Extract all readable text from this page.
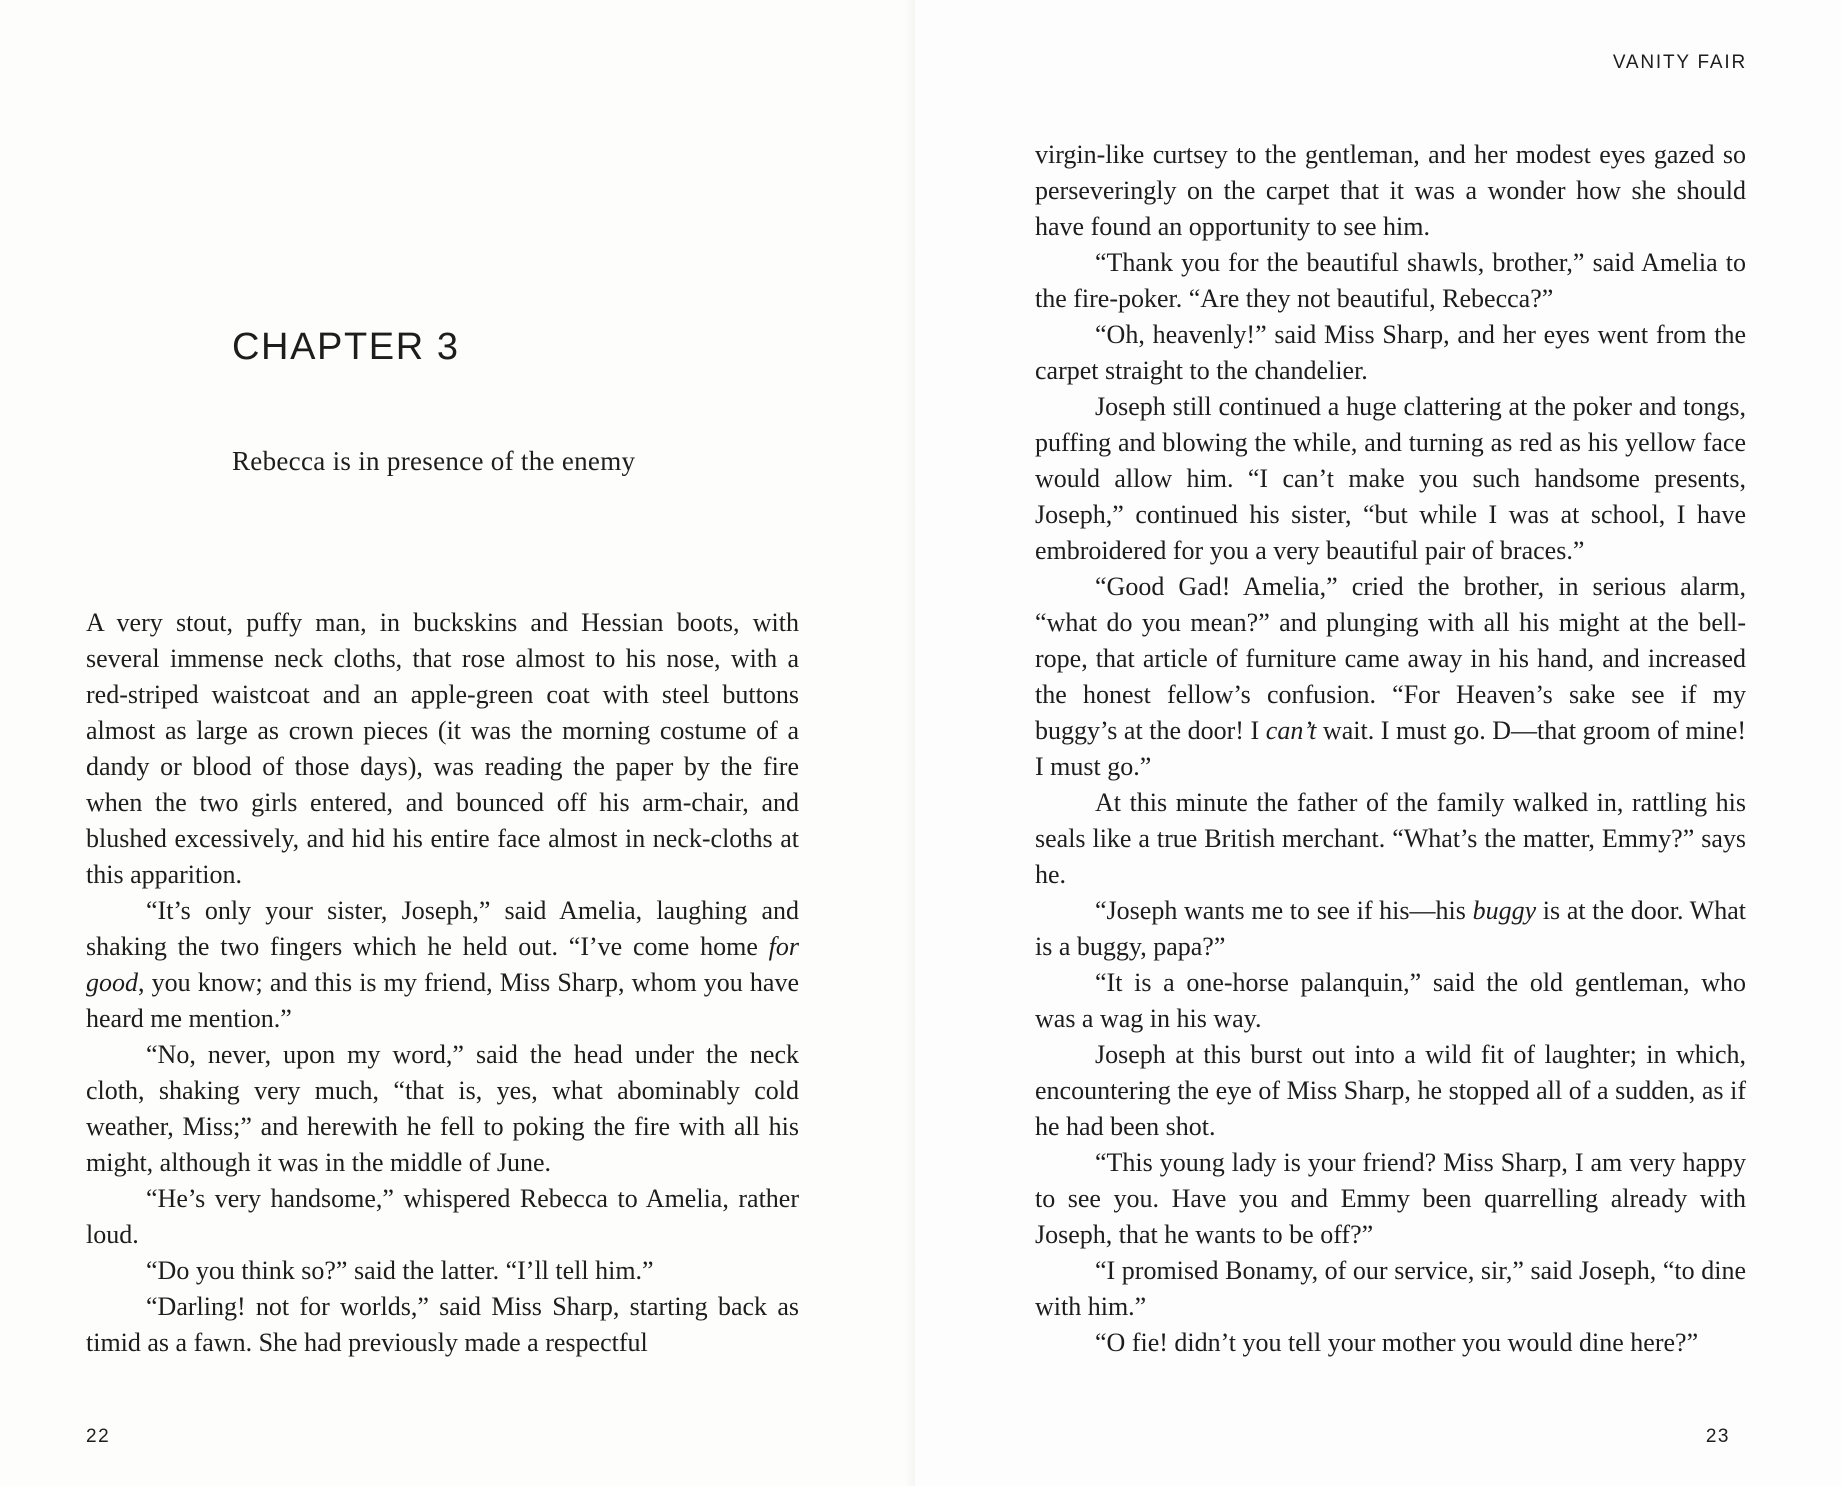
CHAPTER 3
Rebecca is in presence of the enemy

A very stout, puffy man, in buckskins and Hessian boots, with several immense neck cloths, that rose almost to his nose, with a red-striped waistcoat and an apple-green coat with steel buttons almost as large as crown pieces (it was the morning costume of a dandy or blood of those days), was reading the paper by the fire when the two girls entered, and bounced off his arm-chair, and blushed excessively, and hid his entire face almost in neck-cloths at this apparition.

“It’s only your sister, Joseph,” said Amelia, laughing and shaking the two fingers which he held out. “I’ve come home for good, you know; and this is my friend, Miss Sharp, whom you have heard me mention.”

“No, never, upon my word,” said the head under the neck cloth, shaking very much, “that is, yes, what abominably cold weather, Miss;” and herewith he fell to poking the fire with all his might, although it was in the middle of June.

“He’s very handsome,” whispered Rebecca to Amelia, rather loud.

“Do you think so?” said the latter. “I’ll tell him.”

“Darling! not for worlds,” said Miss Sharp, starting back as timid as a fawn. She had previously made a respectful

22
VANITY FAIR
23

virgin-like curtsey to the gentleman, and her modest eyes gazed so perseveringly on the carpet that it was a wonder how she should have found an opportunity to see him.

“Thank you for the beautiful shawls, brother,” said Amelia to the fire-poker. “Are they not beautiful, Rebecca?”

“Oh, heavenly!” said Miss Sharp, and her eyes went from the carpet straight to the chandelier.

Joseph still continued a huge clattering at the poker and tongs, puffing and blowing the while, and turning as red as his yellow face would allow him. “I can’t make you such handsome presents, Joseph,” continued his sister, “but while I was at school, I have embroidered for you a very beautiful pair of braces.”

“Good Gad! Amelia,” cried the brother, in serious alarm, “what do you mean?” and plunging with all his might at the bell-rope, that article of furniture came away in his hand, and increased the honest fellow’s confusion. “For Heaven’s sake see if my buggy’s at the door! I can’t wait. I must go. D—that groom of mine! I must go.”

At this minute the father of the family walked in, rattling his seals like a true British merchant. “What’s the matter, Emmy?” says he.

“Joseph wants me to see if his—his buggy is at the door. What is a buggy, papa?”

“It is a one-horse palanquin,” said the old gentleman, who was a wag in his way.

Joseph at this burst out into a wild fit of laughter; in which, encountering the eye of Miss Sharp, he stopped all of a sudden, as if he had been shot.

“This young lady is your friend? Miss Sharp, I am very happy to see you. Have you and Emmy been quarrelling already with Joseph, that he wants to be off?”

“I promised Bonamy, of our service, sir,” said Joseph, “to dine with him.”

“O fie! didn’t you tell your mother you would dine here?”
